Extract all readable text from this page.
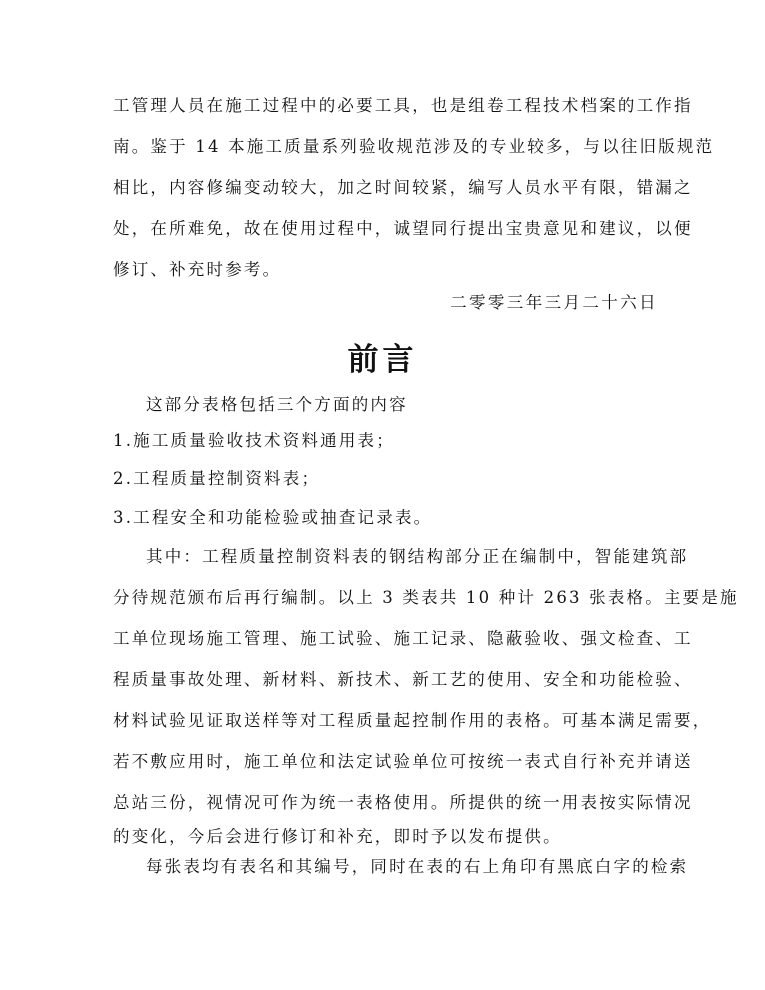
工管理人员在施工过程中的必要工具，也是组卷工程技术档案的工作指
南。鉴于 14 本施工质量系列验收规范涉及的专业较多，与以往旧版规范
相比，内容修编变动较大，加之时间较紧，编写人员水平有限，错漏之
处，在所难免，故在使用过程中，诚望同行提出宝贵意见和建议，以便
修订、补充时参考。
二零零三年三月二十六日
前言
这部分表格包括三个方面的内容
1.施工质量验收技术资料通用表；
2.工程质量控制资料表；
3.工程安全和功能检验或抽查记录表。
其中：工程质量控制资料表的钢结构部分正在编制中，智能建筑部
分待规范颁布后再行编制。以上 3 类表共 10 种计 263 张表格。主要是施
工单位现场施工管理、施工试验、施工记录、隐蔽验收、强文检查、工
程质量事故处理、新材料、新技术、新工艺的使用、安全和功能检验、
材料试验见证取送样等对工程质量起控制作用的表格。可基本满足需要，
若不敷应用时，施工单位和法定试验单位可按统一表式自行补充并请送
总站三份，视情况可作为统一表格使用。所提供的统一用表按实际情况
的变化，今后会进行修订和补充，即时予以发布提供。
每张表均有表名和其编号，同时在表的右上角印有黑底白字的检索
